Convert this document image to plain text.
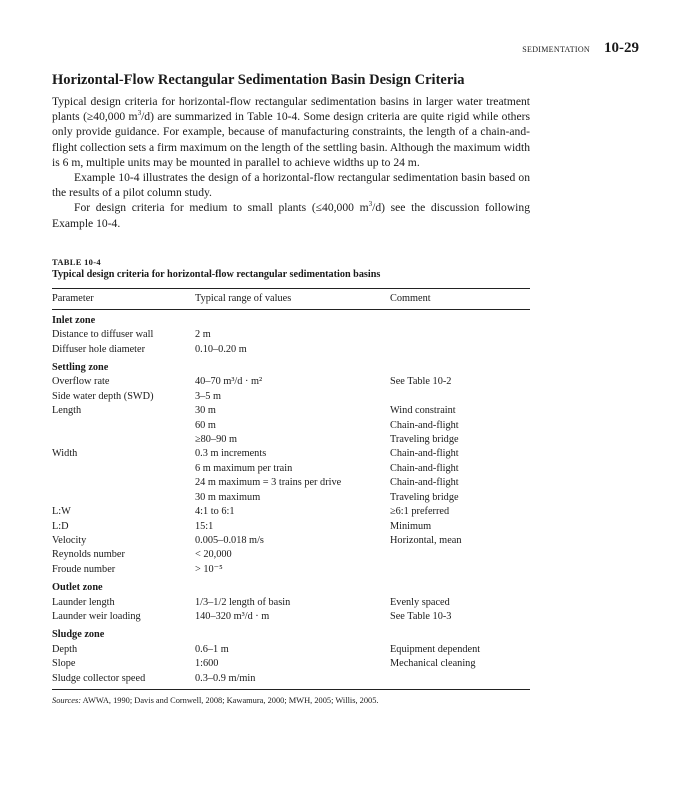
SEDIMENTATION 10-29
Horizontal-Flow Rectangular Sedimentation Basin Design Criteria

Typical design criteria for horizontal-flow rectangular sedimentation basins in larger water treatment plants (≥40,000 $m^3/d$) are summarized in Table 10-4. Some design criteria are quite rigid while others only provide guidance. For example, because of manufacturing constraints, the length of a chain-and-flight collection sets a firm maximum on the length of the settling basin. Although the maximum width is 6 m, multiple units may be mounted in parallel to achieve widths up to 24 m.

Example 10-4 illustrates the design of a horizontal-flow rectangular sedimentation basin based on the results of a pilot column study.

For design criteria for medium to small plants (≤40,000 $m^3/d$) see the discussion following Example 10-4.

TABLE 10-4
Typical design criteria for horizontal-flow rectangular sedimentation basins
Parameter	Typical range of values	Comment
Inlet zone		
Distance to diffuser wall	2 m	
Diffuser hole diameter	0.10–0.20 m	
Settling zone		
Overflow rate	40–70 m³/d · m²	See Table 10-2
Side water depth (SWD)	3–5 m	
Length	30 m	Wind constraint
	60 m	Chain-and-flight
	≥80–90 m	Traveling bridge
Width	0.3 m increments	Chain-and-flight
	6 m maximum per train	Chain-and-flight
	24 m maximum = 3 trains per drive	Chain-and-flight
	30 m maximum	Traveling bridge
L:W	4:1 to 6:1	≥6:1 preferred
L:D	15:1	Minimum
Velocity	0.005–0.018 m/s	Horizontal, mean
Reynolds number	< 20,000	
Froude number	> 10⁻⁵	
Outlet zone		
Launder length	1/3–1/2 length of basin	Evenly spaced
Launder weir loading	140–320 m³/d · m	See Table 10-3
Sludge zone		
Depth	0.6–1 m	Equipment dependent
Slope	1:600	Mechanical cleaning
Sludge collector speed	0.3–0.9 m/min	
Sources: AWWA, 1990; Davis and Cornwell, 2008; Kawamura, 2000; MWH, 2005; Willis, 2005.
